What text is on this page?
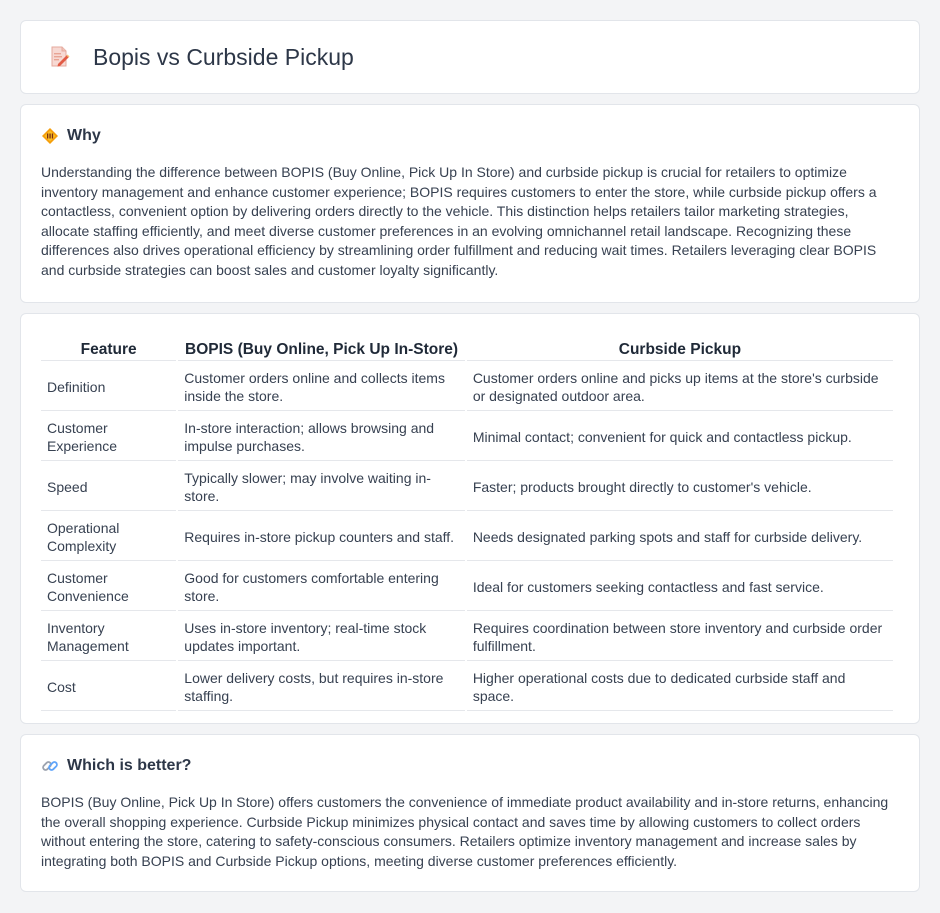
Bopis vs Curbside Pickup
Why

Understanding the difference between BOPIS (Buy Online, Pick Up In Store) and curbside pickup is crucial for retailers to optimize inventory management and enhance customer experience; BOPIS requires customers to enter the store, while curbside pickup offers a contactless, convenient option by delivering orders directly to the vehicle. This distinction helps retailers tailor marketing strategies, allocate staffing efficiently, and meet diverse customer preferences in an evolving omnichannel retail landscape. Recognizing these differences also drives operational efficiency by streamlining order fulfillment and reducing wait times. Retailers leveraging clear BOPIS and curbside strategies can boost sales and customer loyalty significantly.

Feature	BOPIS (Buy Online, Pick Up In-Store)	Curbside Pickup
Definition	Customer orders online and collects items inside the store.	Customer orders online and picks up items at the store's curbside or designated outdoor area.
Customer Experience	In-store interaction; allows browsing and impulse purchases.	Minimal contact; convenient for quick and contactless pickup.
Speed	Typically slower; may involve waiting in-store.	Faster; products brought directly to customer's vehicle.
Operational Complexity	Requires in-store pickup counters and staff.	Needs designated parking spots and staff for curbside delivery.
Customer Convenience	Good for customers comfortable entering store.	Ideal for customers seeking contactless and fast service.
Inventory Management	Uses in-store inventory; real-time stock updates important.	Requires coordination between store inventory and curbside order fulfillment.
Cost	Lower delivery costs, but requires in-store staffing.	Higher operational costs due to dedicated curbside staff and space.
Which is better?

BOPIS (Buy Online, Pick Up In Store) offers customers the convenience of immediate product availability and in-store returns, enhancing the overall shopping experience. Curbside Pickup minimizes physical contact and saves time by allowing customers to collect orders without entering the store, catering to safety-conscious consumers. Retailers optimize inventory management and increase sales by integrating both BOPIS and Curbside Pickup options, meeting diverse customer preferences efficiently.
